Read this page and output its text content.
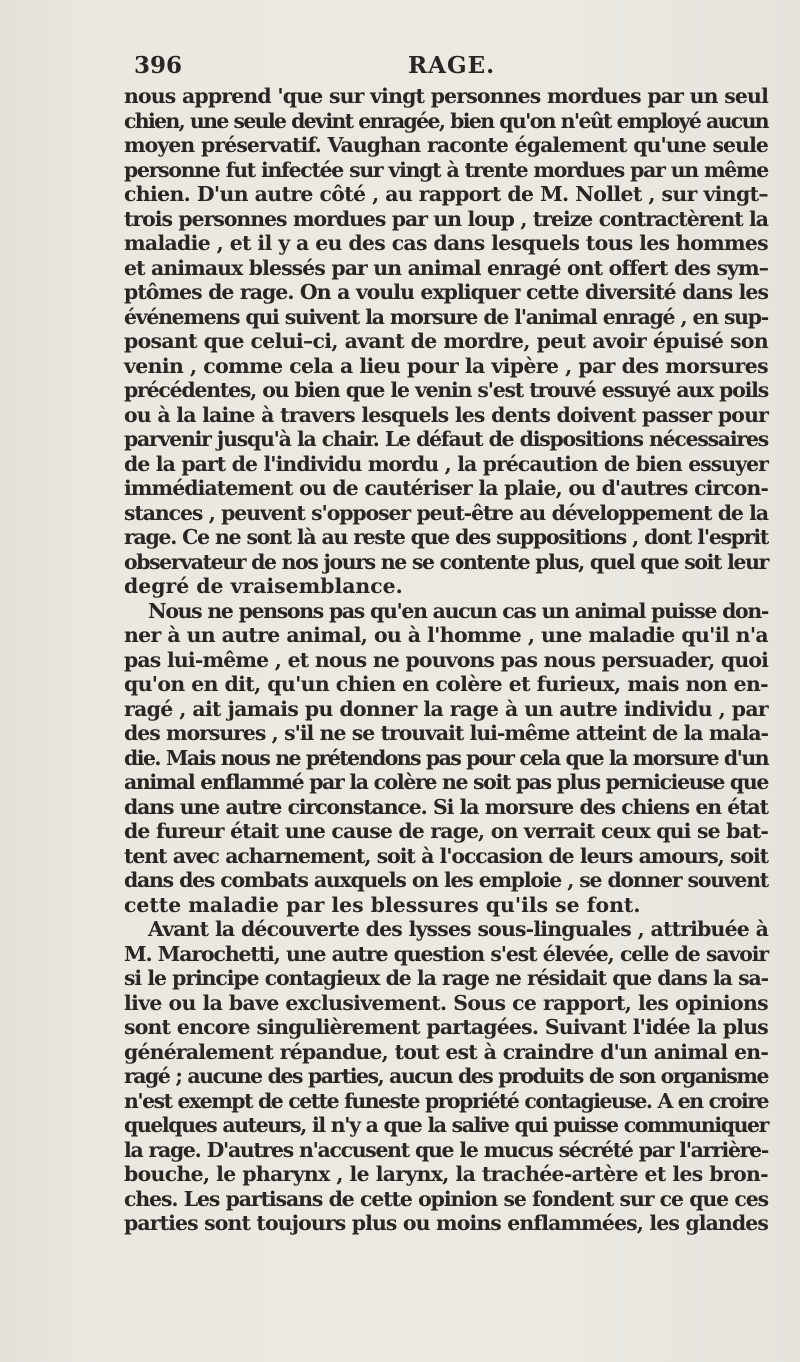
396	RAGE.
nous apprend 'que sur vingt personnes mordues par un seul
chien, une seule devint enragée, bien qu'on n'eût employé aucun
moyen préservatif. Vaughan raconte également qu'une seule
personne fut infectée sur vingt à trente mordues par un même
chien. D'un autre côté , au rapport de M. Nollet , sur vingt–
trois personnes mordues par un loup , treize contractèrent la
maladie , et il y a eu des cas dans lesquels tous les hommes
et animaux blessés par un animal enragé ont offert des sym–
ptômes de rage. On a voulu expliquer cette diversité dans les
événemens qui suivent la morsure de l'animal enragé , en sup-
posant que celui–ci, avant de mordre, peut avoir épuisé son
venin , comme cela a lieu pour la vipère , par des morsures
précédentes, ou bien que le venin s'est trouvé essuyé aux poils
ou à la laine à travers lesquels les dents doivent passer pour
parvenir jusqu'à la chair. Le défaut de dispositions nécessaires
de la part de l'individu mordu , la précaution de bien essuyer
immédiatement ou de cautériser la plaie, ou d'autres circon-
stances , peuvent s'opposer peut-être au développement de la
rage. Ce ne sont là au reste que des suppositions , dont l'esprit
observateur de nos jours ne se contente plus, quel que soit leur
degré de vraisemblance.
Nous ne pensons pas qu'en aucun cas un animal puisse don-
ner à un autre animal, ou à l'homme , une maladie qu'il n'a
pas lui-même , et nous ne pouvons pas nous persuader, quoi
qu'on en dit, qu'un chien en colère et furieux, mais non en-
ragé , ait jamais pu donner la rage à un autre individu , par
des morsures , s'il ne se trouvait lui-même atteint de la mala-
die. Mais nous ne prétendons pas pour cela que la morsure d'un
animal enflammé par la colère ne soit pas plus pernicieuse que
dans une autre circonstance. Si la morsure des chiens en état
de fureur était une cause de rage, on verrait ceux qui se bat-
tent avec acharnement, soit à l'occasion de leurs amours, soit
dans des combats auxquels on les emploie , se donner souvent
cette maladie par les blessures qu'ils se font.
Avant la découverte des lysses sous-linguales , attribuée à
M. Marochetti, une autre question s'est élevée, celle de savoir
si le principe contagieux de la rage ne résidait que dans la sa-
live ou la bave exclusivement. Sous ce rapport, les opinions
sont encore singulièrement partagées. Suivant l'idée la plus
généralement répandue, tout est à craindre d'un animal en-
ragé ; aucune des parties, aucun des produits de son organisme
n'est exempt de cette funeste propriété contagieuse. A en croire
quelques auteurs, il n'y a que la salive qui puisse communiquer
la rage. D'autres n'accusent que le mucus sécrété par l'arrière-
bouche, le pharynx , le larynx, la trachée-artère et les bron-
ches. Les partisans de cette opinion se fondent sur ce que ces
parties sont toujours plus ou moins enflammées, les glandes
